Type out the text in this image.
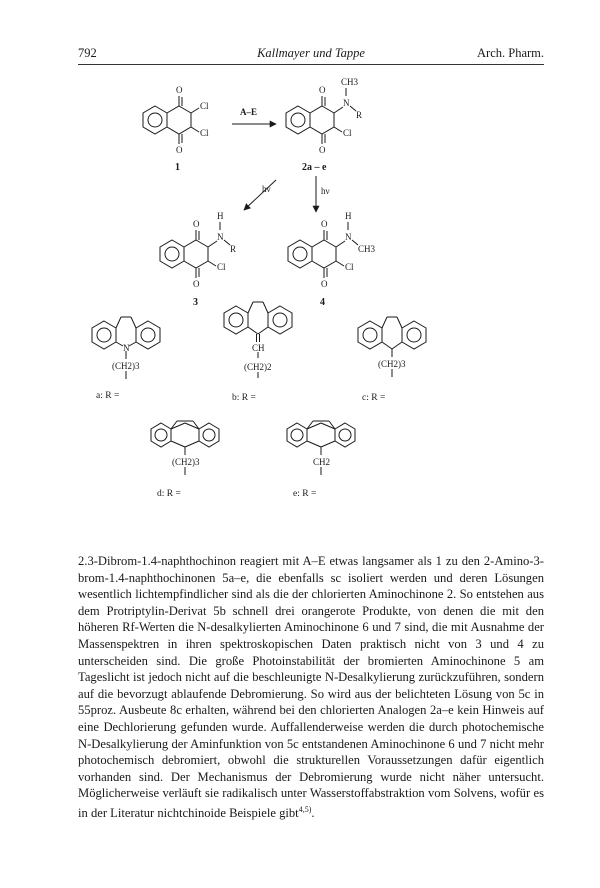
792	Kallmayer und Tappe	Arch. Pharm.
O
O
Cl
Cl
1
A–E
O
O
N
CH3
R
Cl
2a – e
hν	hν
O
O
H
N
R
Cl
3
O
O
H
N
CH3
Cl
4
N
(CH2)3
a: R =
CH
(CH2)2
b: R =
(CH2)3
c: R =
(CH2)3
d: R =
CH2
e: R =

2.3-Dibrom-1.4-naphthochinon reagiert mit A–E etwas langsamer als 1 zu den 2-Amino-3-brom-1.4-naphthochinonen 5a–e, die ebenfalls sc isoliert werden und deren Lösungen wesentlich lichtempfindlicher sind als die der chlorierten Aminochinone 2. So entstehen aus dem Protriptylin-Derivat 5b schnell drei orangerote Produkte, von denen die mit den höheren Rf-Werten die N-desalkylierten Aminochinone 6 und 7 sind, die mit Ausnahme der Massenspektren in ihren spektroskopischen Daten praktisch nicht von 3 und 4 zu unterscheiden sind. Die große Photoinstabilität der bromierten Aminochinone 5 am Tageslicht ist jedoch nicht auf die beschleunigte N-Desalkylierung zurückzuführen, sondern auf die bevorzugt ablaufende Debromierung. So wird aus der belichteten Lösung von 5c in 55proz. Ausbeute 8c erhalten, während bei den chlorierten Analogen 2a–e kein Hinweis auf eine Dechlorierung gefunden wurde. Auffallenderweise werden die durch photochemische N-Desalkylierung der Aminfunktion von 5c entstandenen Aminochinone 6 und 7 nicht mehr photochemisch debromiert, obwohl die strukturellen Voraussetzungen dafür eigentlich vorhanden sind. Der Mechanismus der Debromierung wurde nicht näher untersucht. Möglicherweise verläuft sie radikalisch unter Wasserstoffabstraktion vom Solvens, wofür es in der Literatur nichtchinoide Beispiele gibt$^{4,5)}$.
